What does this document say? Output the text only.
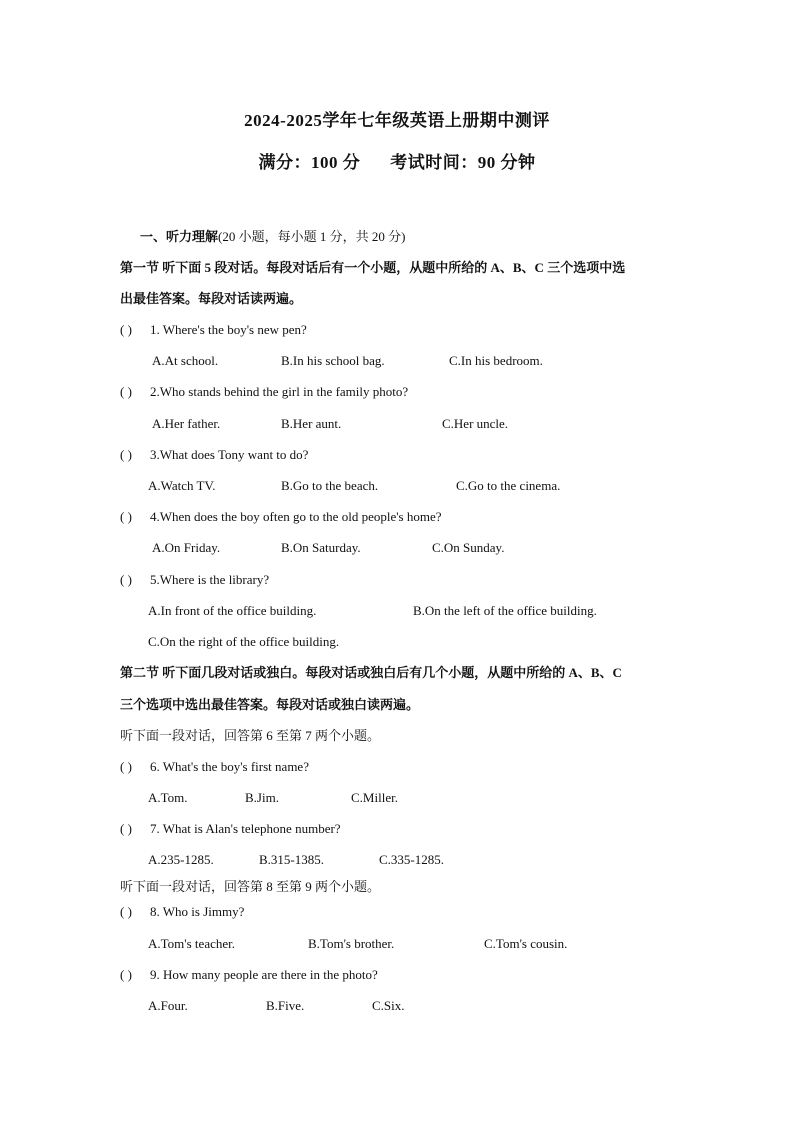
2024-2025学年七年级英语上册期中测评
满分：100 分 考试时间：90 分钟
一、听力理解(20 小题，每小题 1 分，共 20 分)
第一节 听下面 5 段对话。每段对话后有一个小题，从题中所给的 A、B、C 三个选项中选
出最佳答案。每段对话读两遍。
( ) 1. Where's the boy's new pen?
A.At school.	B.In his school bag.	C.In his bedroom.
( ) 2.Who stands behind the girl in the family photo?
A.Her father.	B.Her aunt.	C.Her uncle.
( ) 3.What does Tony want to do?
A.Watch TV.	B.Go to the beach.	C.Go to the cinema.
( ) 4.When does the boy often go to the old people's home?
A.On Friday.	B.On Saturday.	C.On Sunday.
( ) 5.Where is the library?
A.In front of the office building.	B.On the left of the office building.
C.On the right of the office building.
第二节 听下面几段对话或独白。每段对话或独白后有几个小题，从题中所给的 A、B、C
三个选项中选出最佳答案。每段对话或独白读两遍。
听下面一段对话，回答第 6 至第 7 两个小题。
( ) 6. What's the boy's first name?
A.Tom.	B.Jim.	C.Miller.
( ) 7. What is Alan's telephone number?
A.235-1285.	B.315-1385.	C.335-1285.
听下面一段对话，回答第 8 至第 9 两个小题。
( ) 8. Who is Jimmy?
A.Tom's teacher.	B.Tom's brother.	C.Tom's cousin.
( ) 9. How many people are there in the photo?
A.Four.	B.Five.	C.Six.
